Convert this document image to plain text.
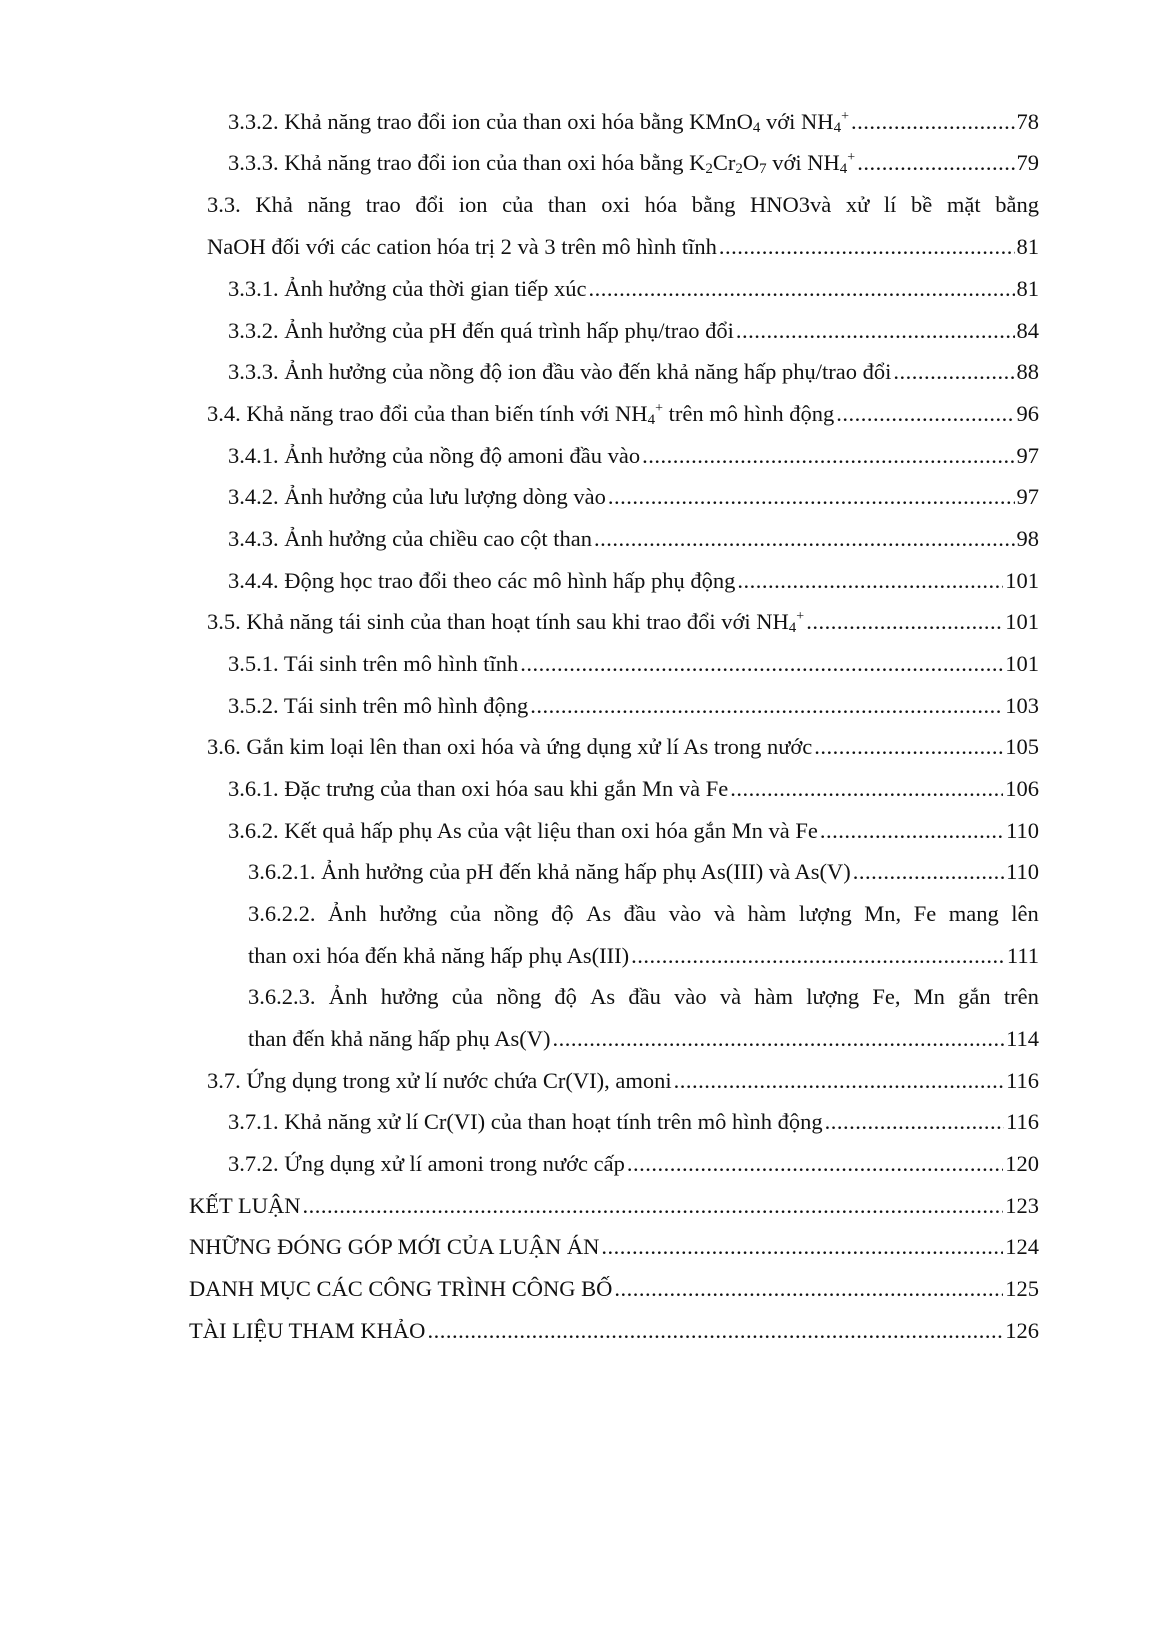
3.3.2. Khả năng trao đổi ion của than oxi hóa bằng KMnO$_4$ với $NH_4^+$ .....	78
3.3.3. Khả năng trao đổi ion của than oxi hóa bằng $K_2Cr_2O_7$ với $NH_4^+$ .....	79
3.3. Khả năng trao đổi ion của than oxi hóa bằng HNO3và xử lí bề mặt bằng
NaOH đối với các cation hóa trị 2 và 3 trên mô hình tĩnh .....	81
3.3.1. Ảnh hưởng của thời gian tiếp xúc .....	81
3.3.2. Ảnh hưởng của pH đến quá trình hấp phụ/trao đổi .....	84
3.3.3. Ảnh hưởng của nồng độ ion đầu vào đến khả năng hấp phụ/trao đổi .....	88
3.4. Khả năng trao đổi của than biến tính với $NH_4^+$ trên mô hình động .....	96
3.4.1. Ảnh hưởng của nồng độ amoni đầu vào .....	97
3.4.2. Ảnh hưởng của lưu lượng dòng vào .....	97
3.4.3. Ảnh hưởng của chiều cao cột than .....	98
3.4.4. Động học trao đổi theo các mô hình hấp phụ động .....	101
3.5. Khả năng tái sinh của than hoạt tính sau khi trao đổi với $NH_4^+$ .....	101
3.5.1. Tái sinh trên mô hình tĩnh .....	101
3.5.2. Tái sinh trên mô hình động .....	103
3.6. Gắn kim loại lên than oxi hóa và ứng dụng xử lí As trong nước .....	105
3.6.1. Đặc trưng của than oxi hóa sau khi gắn Mn và Fe .....	106
3.6.2. Kết quả hấp phụ As của vật liệu than oxi hóa gắn Mn và Fe .....	110
3.6.2.1. Ảnh hưởng của pH đến khả năng hấp phụ As(III) và As(V) .....	110
3.6.2.2. Ảnh hưởng của nồng độ As đầu vào và hàm lượng Mn, Fe mang lên
than oxi hóa đến khả năng hấp phụ As(III) .....	111
3.6.2.3. Ảnh hưởng của nồng độ As đầu vào và hàm lượng Fe, Mn gắn trên
than đến khả năng hấp phụ As(V) .....	114
3.7. Ứng dụng trong xử lí nước chứa Cr(VI), amoni .....	116
3.7.1. Khả năng xử lí Cr(VI) của than hoạt tính trên mô hình động .....	116
3.7.2. Ứng dụng xử lí amoni trong nước cấp .....	120
KẾT LUẬN .....	123
NHỮNG ĐÓNG GÓP MỚI CỦA LUẬN ÁN .....	124
DANH MỤC CÁC CÔNG TRÌNH CÔNG BỐ .....	125
TÀI LIỆU THAM KHẢO .....	126
